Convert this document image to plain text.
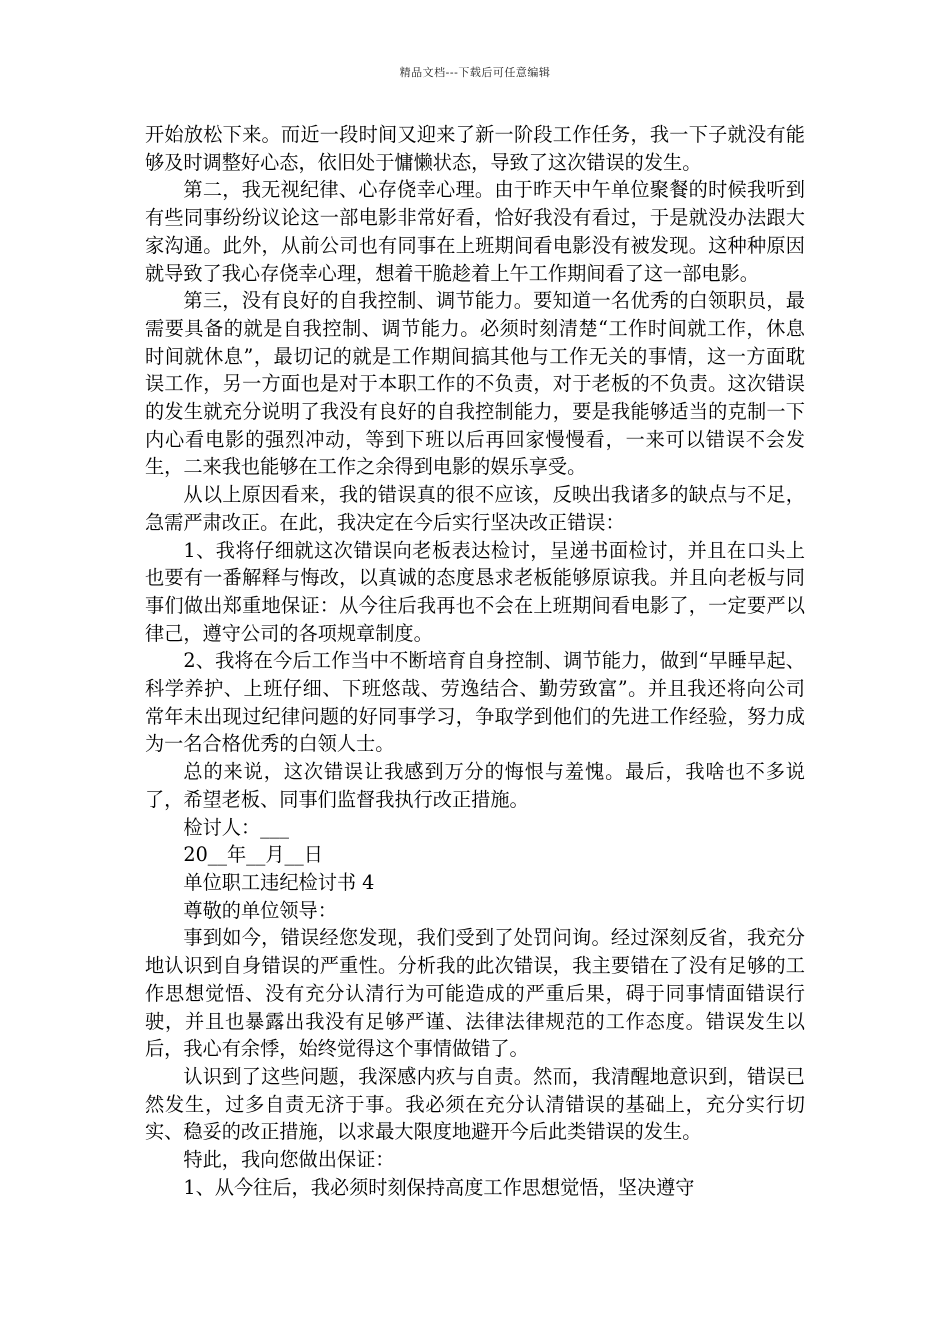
精品文档---下载后可任意编辑

开始放松下来。而近一段时间又迎来了新一阶段工作任务，我一下子就没有能够及时调整好心态，依旧处于慵懒状态，导致了这次错误的发生。

第二，我无视纪律、心存侥幸心理。由于昨天中午单位聚餐的时候我听到有些同事纷纷议论这一部电影非常好看，恰好我没有看过，于是就没办法跟大家沟通。此外，从前公司也有同事在上班期间看电影没有被发现。这种种原因就导致了我心存侥幸心理，想着干脆趁着上午工作期间看了这一部电影。

第三，没有良好的自我控制、调节能力。要知道一名优秀的白领职员，最需要具备的就是自我控制、调节能力。必须时刻清楚“工作时间就工作，休息时间就休息”，最切记的就是工作期间搞其他与工作无关的事情，这一方面耽误工作，另一方面也是对于本职工作的不负责，对于老板的不负责。这次错误的发生就充分说明了我没有良好的自我控制能力，要是我能够适当的克制一下内心看电影的强烈冲动，等到下班以后再回家慢慢看，一来可以错误不会发生，二来我也能够在工作之余得到电影的娱乐享受。

从以上原因看来，我的错误真的很不应该，反映出我诸多的缺点与不足，急需严肃改正。在此，我决定在今后实行坚决改正错误：

1、我将仔细就这次错误向老板表达检讨，呈递书面检讨，并且在口头上也要有一番解释与悔改，以真诚的态度恳求老板能够原谅我。并且向老板与同事们做出郑重地保证：从今往后我再也不会在上班期间看电影了，一定要严以律己，遵守公司的各项规章制度。

2、我将在今后工作当中不断培育自身控制、调节能力，做到“早睡早起、科学养护、上班仔细、下班悠哉、劳逸结合、勤劳致富”。并且我还将向公司常年未出现过纪律问题的好同事学习，争取学到他们的先进工作经验，努力成为一名合格优秀的白领人士。

总的来说，这次错误让我感到万分的悔恨与羞愧。最后，我啥也不多说了，希望老板、同事们监督我执行改正措施。

检讨人：___

20__年__月__日

单位职工违纪检讨书 4

尊敬的单位领导：

事到如今，错误经您发现，我们受到了处罚问询。经过深刻反省，我充分地认识到自身错误的严重性。分析我的此次错误，我主要错在了没有足够的工作思想觉悟、没有充分认清行为可能造成的严重后果，碍于同事情面错误行驶，并且也暴露出我没有足够严谨、法律法律规范的工作态度。错误发生以后，我心有余悸，始终觉得这个事情做错了。

认识到了这些问题，我深感内疚与自责。然而，我清醒地意识到，错误已然发生，过多自责无济于事。我必须在充分认清错误的基础上，充分实行切实、稳妥的改正措施，以求最大限度地避开今后此类错误的发生。

特此，我向您做出保证：

1、从今往后，我必须时刻保持高度工作思想觉悟，坚决遵守
